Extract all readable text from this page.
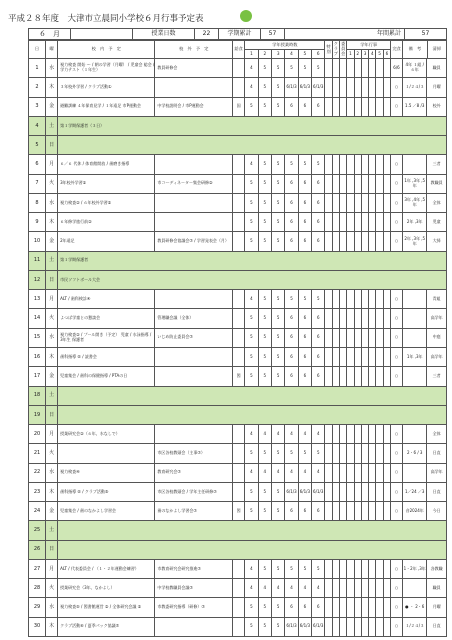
平成２８年度　大津市立晨同小学校６月行事予定表
６　月		授業日数	22	学期累計	57	年間累計	57
日	曜	校　内　予　定	校　外　予　定	給食	学年授業時数						特別	クラブ	委員会	学年行事						完食	備　考	清掃
					1	2	3	4	5	6				1	2	3	4	5	6			
1	水	視力検査 開始 〜 / 朝の学習（月曜） / 児童会 総会 / 学力テスト（１年生）	教員研修会		4	5	5	5	5	5										6/6	4年 １組 /　６年	職員
2	木	３年校外学習 / クラブ活動①			4	5	5	6/1/3	6/1/3	6/1/3										○	１/２４/３	月曜
3	金	避難訓練 ４年保育見学 / １年遠足 市P運動会	中学校説明会 / 市P運動会	国	5	5	5	6	6	6										○	1.5 ／8 /3	校外
4	土	第１学期保護者（３日）																				
5	日																					
6	月	６／６ 代休 / 体育館開放 / 歯磨き指導			4	5	5	5	5	5										○		三者
7	火	3年校外学習①	市コーディネーター集会研修②		5	5	5	6	6	6										○	1年 ,3年 ,5年	教職員
8	水	視力検査② / ６年校外学習②			5	5	5	6	6	6										○	3年 ,4年 ,5年	全体
9	木	６年修学旅行前②			5	5	5	6	6	6										○	2年 ,3年	児童
10	金	2年遠足	教員研修会協議会⑦ / 学習発表会（月）		5	5	5	6	6	6										○	2年 ,3年 ,5年	大掃
11	土	第１学期保護者																				
12	日	市民ソフトボール大会																				
13	月	ALT / 歯科検診④			4	5	5	5	5	5										○		青組
14	火	よつば学童との懇談会	管理職会議（全体）		5	5	5	6	6	6										○		高学年
15	水	視力検査② / プール開き（予定） 児童 / 水泳指導 / 3年生 保護者	いじめ防止委員会⑦		5	5	5	6	6	6										○		中庭
16	木	歯科指導 ⑤ / 読書会			5	5	5	6	6	6										○	1年 ,3年	高学年
17	金	児童集会 / 歯科の保健指導 / PTAの日		図	5	5	5	6	6	6										○		三者
18	土																					
19	日																					
20	月	授業研究会②（６年、水なしで）			4	4	4	4	4	4										○		全体
21	火		市区各校教頭会（主事⑦）		5	5	5	5	5	5										○	2・6 / 3	日直
22	水	視力検査④	教育研究会⑦		4	4	4	4	4	4										○		高学年
23	木	歯科指導 ⑤ / クラブ活動⑤	市区各校教頭会 / 学年主任研修⑦		5	5	5	6/1/3	6/1/3	6/1/3										○	1／24 ／3	日直
24	金	児童集会 / 歯のなかよし学習会	歯のなかよし学習会⑦	図	5	5	5	6	6	6										○	音2024年	今日
25	土																					
26	日																					
27	月	ALT / 代表委員会 / （１・２年運動会練習）	市教育研究会研究推進⑦		4	5	5	5	5	5										○	1・2年 ,3年	各教職
28	火	授業研究会（3年、なかよし）	中学校教職員会議⑦		4	4	4	4	4	4										○		職員
29	水	視力検査⑤ / 図書館運営 ② / 全体研究会議 ②	市教委研究指導（研修）⑦		5	5	5	6	6	6										○	● ・ 2・6	月曜
30	木	クラブ活動⑥ / 夏季パック協議⑦			5	5	5	6/1/3	6/1/3	6/1/3										○	１/２４/３	日直
